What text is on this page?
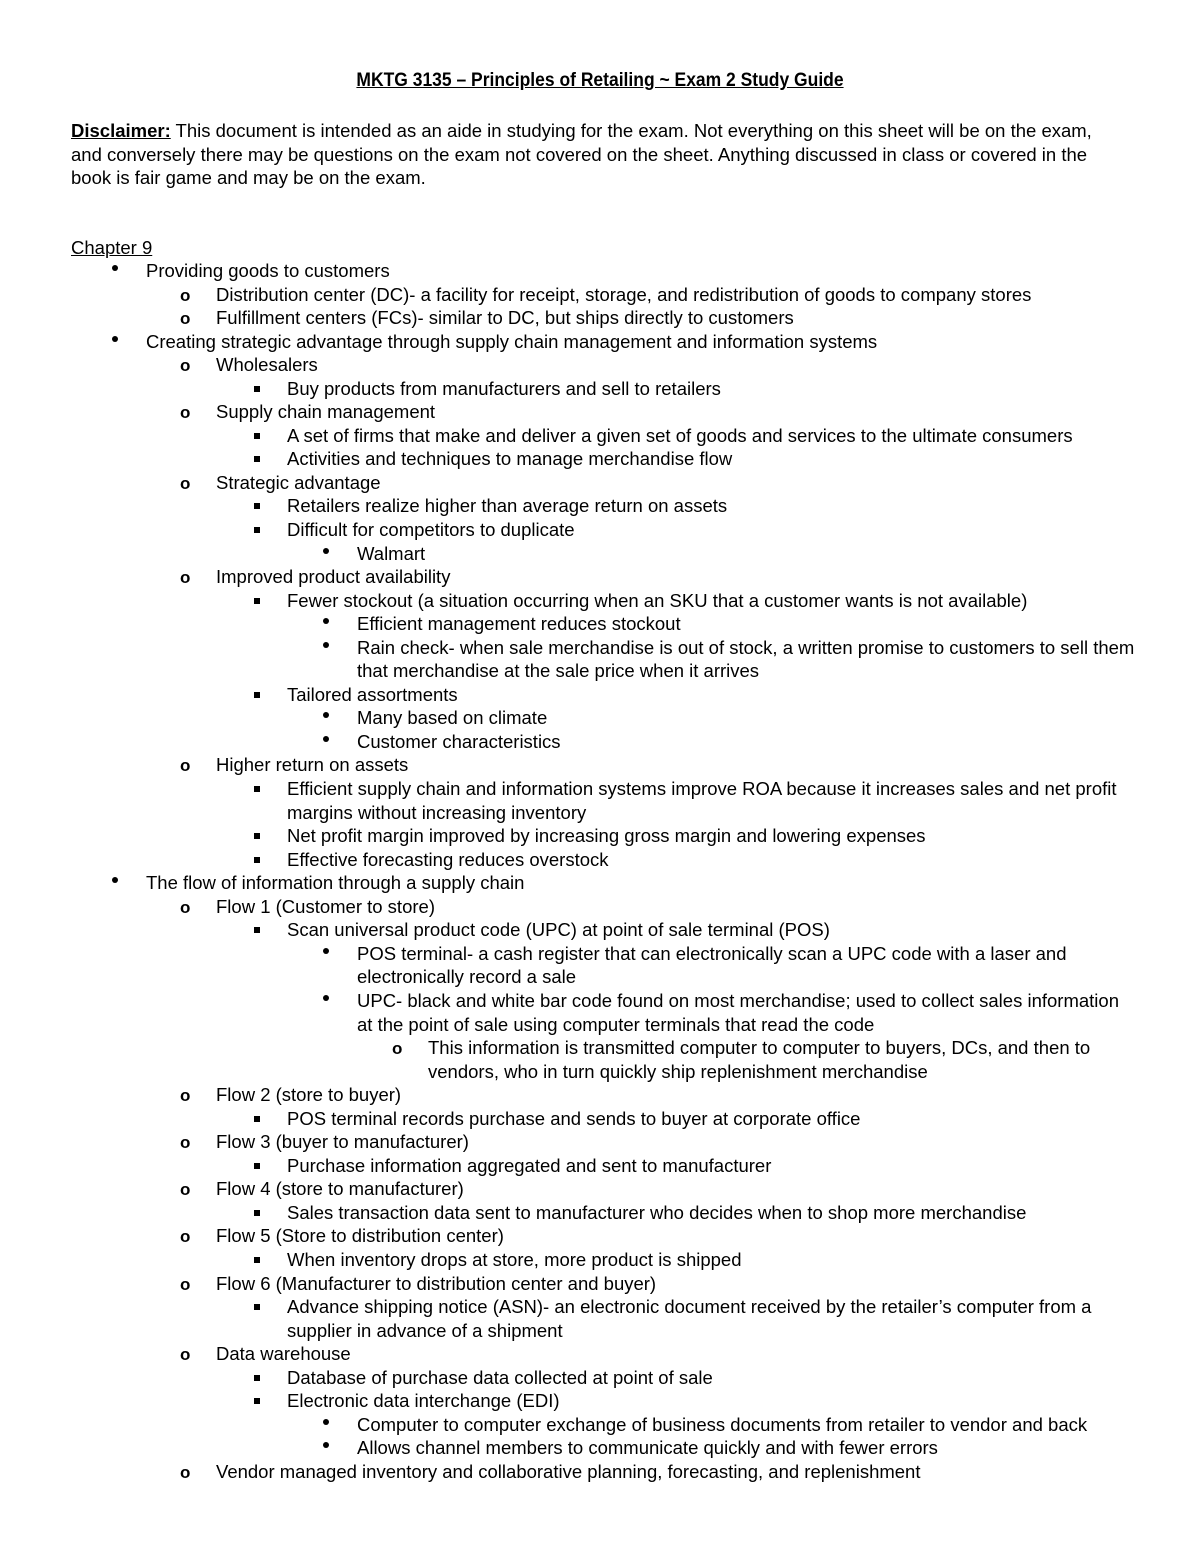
MKTG 3135 – Principles of Retailing ~ Exam 2 Study Guide
Disclaimer: This document is intended as an aide in studying for the exam. Not everything on this sheet will be on the exam, and conversely there may be questions on the exam not covered on the sheet. Anything discussed in class or covered in the book is fair game and may be on the exam.
Chapter 9
Providing goods to customers
o Distribution center (DC)- a facility for receipt, storage, and redistribution of goods to company stores
o Fulfillment centers (FCs)- similar to DC, but ships directly to customers
Creating strategic advantage through supply chain management and information systems
o Wholesalers
Buy products from manufacturers and sell to retailers
o Supply chain management
A set of firms that make and deliver a given set of goods and services to the ultimate consumers
Activities and techniques to manage merchandise flow
o Strategic advantage
Retailers realize higher than average return on assets
Difficult for competitors to duplicate
Walmart
o Improved product availability
Fewer stockout (a situation occurring when an SKU that a customer wants is not available)
Efficient management reduces stockout
Rain check- when sale merchandise is out of stock, a written promise to customers to sell them that merchandise at the sale price when it arrives
Tailored assortments
Many based on climate
Customer characteristics
o Higher return on assets
Efficient supply chain and information systems improve ROA because it increases sales and net profit margins without increasing inventory
Net profit margin improved by increasing gross margin and lowering expenses
Effective forecasting reduces overstock
The flow of information through a supply chain
o Flow 1 (Customer to store)
Scan universal product code (UPC) at point of sale terminal (POS)
POS terminal- a cash register that can electronically scan a UPC code with a laser and electronically record a sale
UPC- black and white bar code found on most merchandise; used to collect sales information at the point of sale using computer terminals that read the code
o This information is transmitted computer to computer to buyers, DCs, and then to vendors, who in turn quickly ship replenishment merchandise
o Flow 2 (store to buyer)
POS terminal records purchase and sends to buyer at corporate office
o Flow 3 (buyer to manufacturer)
Purchase information aggregated and sent to manufacturer
o Flow 4 (store to manufacturer)
Sales transaction data sent to manufacturer who decides when to shop more merchandise
o Flow 5 (Store to distribution center)
When inventory drops at store, more product is shipped
o Flow 6 (Manufacturer to distribution center and buyer)
Advance shipping notice (ASN)- an electronic document received by the retailer’s computer from a supplier in advance of a shipment
o Data warehouse
Database of purchase data collected at point of sale
Electronic data interchange (EDI)
Computer to computer exchange of business documents from retailer to vendor and back
Allows channel members to communicate quickly and with fewer errors
o Vendor managed inventory and collaborative planning, forecasting, and replenishment
